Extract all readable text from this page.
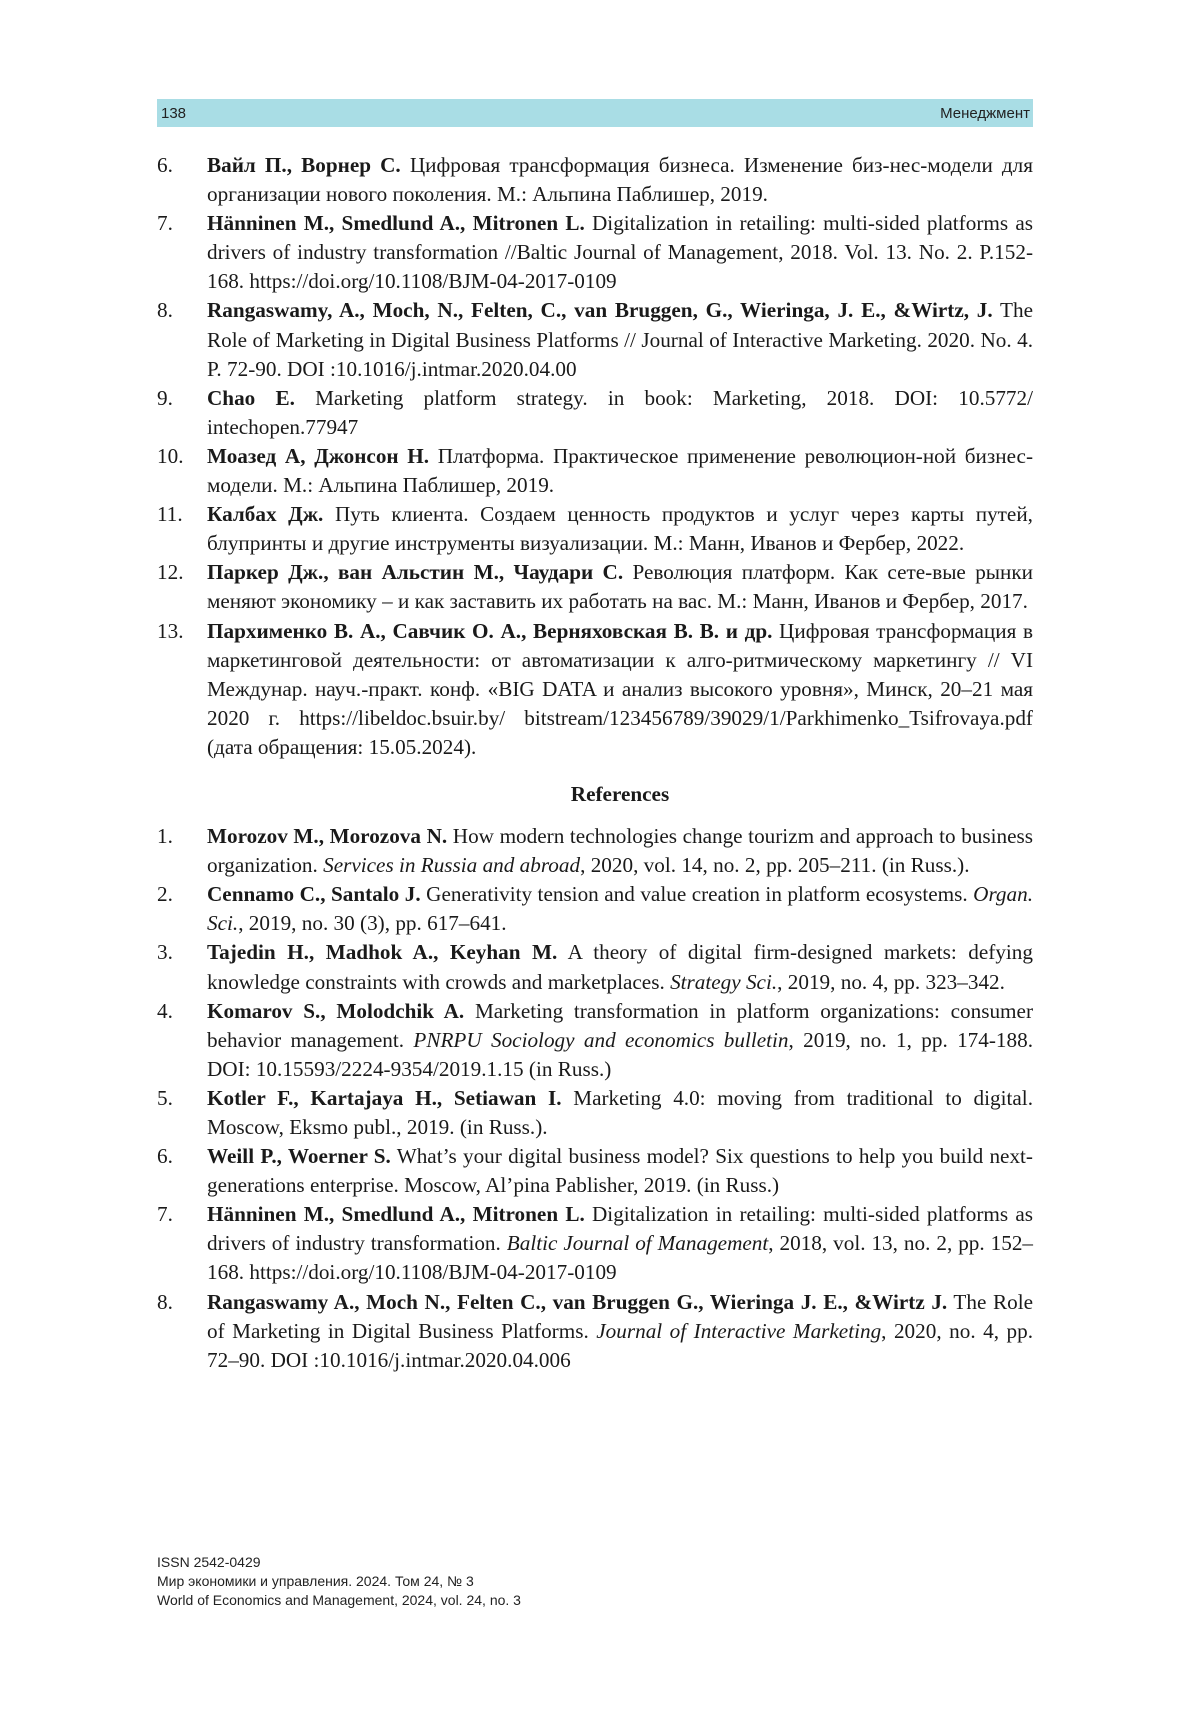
138	Менеджмент
6.	Вайл П., Ворнер С. Цифровая трансформация бизнеса. Изменение биз-нес-модели для организации нового поколения. М.: Альпина Паблишер, 2019.
7.	Hänninen M., Smedlund A., Mitronen L. Digitalization in retailing: multi-sided platforms as drivers of industry transformation //Baltic Journal of Management, 2018. Vol. 13. No. 2. P.152-168. https://doi.org/10.1108/BJM-04-2017-0109
8.	Rangaswamy, A., Moch, N., Felten, C., van Bruggen, G., Wieringa, J. E., &Wirtz, J. The Role of Marketing in Digital Business Platforms // Journal of Interactive Marketing. 2020. No. 4. P. 72-90. DOI :10.1016/j.intmar.2020.04.00
9.	Chao E. Marketing platform strategy. in book: Marketing, 2018. DOI: 10.5772/ intechopen.77947
10.	Моазед А, Джонсон Н. Платформа. Практическое применение революцион-ной бизнес-модели. М.: Альпина Паблишер, 2019.
11.	Калбах Дж. Путь клиента. Создаем ценность продуктов и услуг через карты путей, блупринты и другие инструменты визуализации. М.: Манн, Иванов и Фербер, 2022.
12.	Паркер Дж., ван Альстин М., Чаудари С. Революция платформ. Как сете-вые рынки меняют экономику – и как заставить их работать на вас. М.: Манн, Иванов и Фербер, 2017.
13.	Пархименко В. А., Савчик О. А., Верняховская В. В. и др. Цифровая трансформация в маркетинговой деятельности: от автоматизации к алго-ритмическому маркетингу // VI Междунар. науч.-практ. конф. «BIG DATA и анализ высокого уровня», Минск, 20–21 мая 2020 г. https://libeldoc.bsuir.by/ bitstream/123456789/39029/1/Parkhimenko_Tsifrovaya.pdf (дата обращения: 15.05.2024).
References
1.	Morozov M., Morozova N. How modern technologies change tourizm and approach to business organization. Services in Russia and abroad, 2020, vol. 14, no. 2, pp. 205–211. (in Russ.).
2.	Cennamo C., Santalo J. Generativity tension and value creation in platform ecosystems. Organ. Sci., 2019, no. 30 (3), pp. 617–641.
3.	Tajedin H., Madhok A., Keyhan M. A theory of digital firm-designed markets: defying knowledge constraints with crowds and marketplaces. Strategy Sci., 2019, no. 4, pp. 323–342.
4.	Komarov S., Molodchik A. Marketing transformation in platform organizations: consumer behavior management. PNRPU Sociology and economics bulletin, 2019, no. 1, pp. 174-188. DOI: 10.15593/2224-9354/2019.1.15 (in Russ.)
5.	Kotler F., Kartajaya H., Setiawan I. Marketing 4.0: moving from traditional to digital. Moscow, Eksmo publ., 2019. (in Russ.).
6.	Weill P., Woerner S. What’s your digital business model? Six questions to help you build next-generations enterprise. Moscow, Al’pina Pablisher, 2019. (in Russ.)
7.	Hänninen M., Smedlund A., Mitronen L. Digitalization in retailing: multi-sided platforms as drivers of industry transformation. Baltic Journal of Management, 2018, vol. 13, no. 2, pp. 152–168. https://doi.org/10.1108/BJM-04-2017-0109
8.	Rangaswamy A., Moch N., Felten C., van Bruggen G., Wieringa J. E., &Wirtz J. The Role of Marketing in Digital Business Platforms. Journal of Interactive Marketing, 2020, no. 4, pp. 72–90. DOI :10.1016/j.intmar.2020.04.006
ISSN 2542-0429
Мир экономики и управления. 2024. Том 24, № 3
World of Economics and Management, 2024, vol. 24, no. 3
